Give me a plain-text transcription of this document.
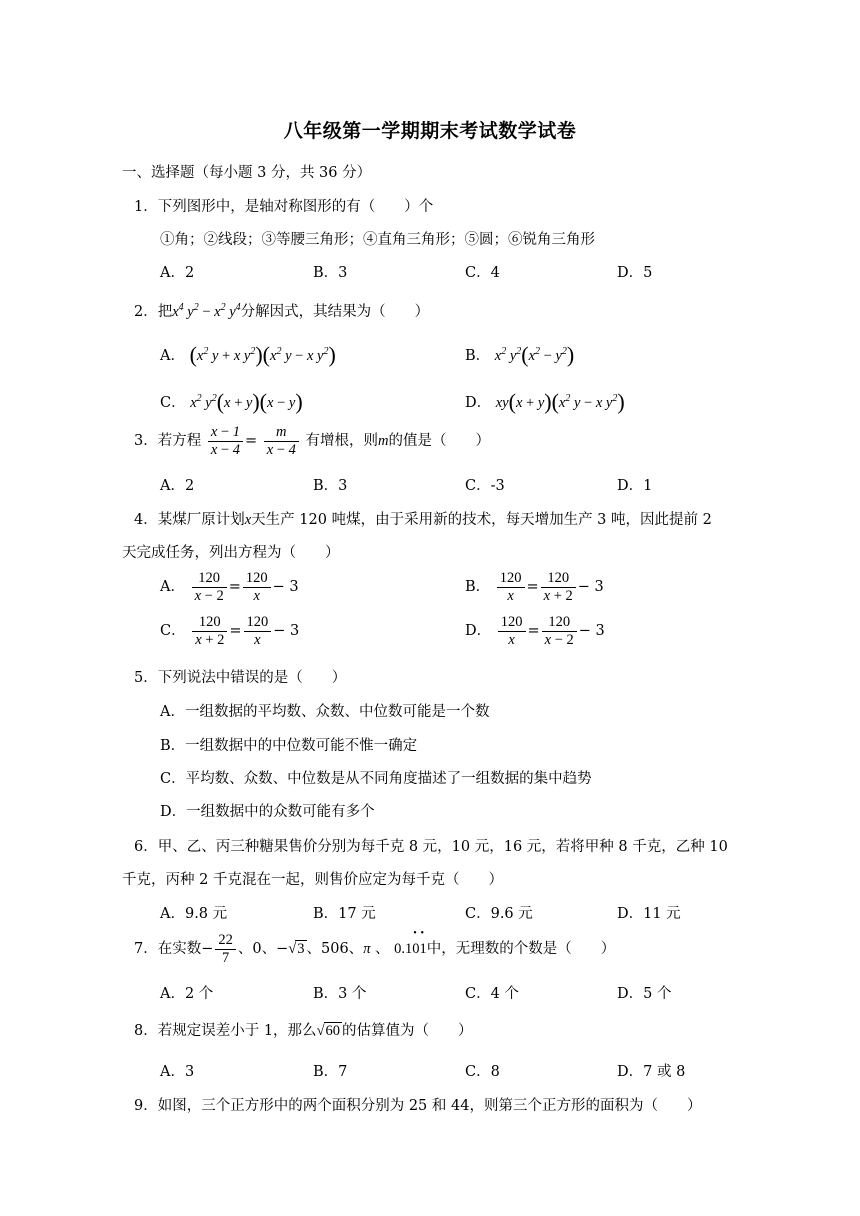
八年级第一学期期末考试数学试卷
一、选择题（每小题 3 分，共 36 分）
1．下列图形中，是轴对称图形的有（　　）个
①角；②线段；③等腰三角形；④直角三角形；⑤圆；⑥锐角三角形
A．2	B．3	C．4	D．5
2．把$x^4$ $y^2 - x^2$ $y^4$分解因式，其结果为（　　）
A． ($x^2$ y + x $y^2)(x^2$ y − x $y^2$)	B． $x^2$ $y^2(x^2 - y^2)$
C． $x^2$ $y^2(x + y)(x - y)$	D． $xy(x + y)(x^2$ y − x $y^2$)
3．若方程 $\frac{x - 1}{x - 4} = \frac{m}{x - 4}$ 有增根，则m的值是（　　）
A．2	B．3	C．-3	D．1
4．某煤厂原计划x天生产 120 吨煤，由于采用新的技术，每天增加生产 3 吨，因此提前 2
天完成任务，列出方程为（　　）
A． $\frac{120}{x - 2} = \frac{120}{x} - 3$	B． $\frac{120}{x} = \frac{120}{x + 2} - 3$
C． $\frac{120}{x + 2} = \frac{120}{x} - 3$	D． $\frac{120}{x} = \frac{120}{x - 2} - 3$
5．下列说法中错误的是（　　）
A．一组数据的平均数、众数、中位数可能是一个数
B．一组数据中的中位数可能不惟一确定
C．平均数、众数、中位数是从不同角度描述了一组数据的集中趋势
D．一组数据中的众数可能有多个
6．甲、乙、丙三种糖果售价分别为每千克 8 元，10 元，16 元，若将甲种 8 千克，乙种 10
千克，丙种 2 千克混在一起，则售价应定为每千克（　　）
A．9.8 元	B．17 元	C．9.6 元	D．11 元
7．在实数− $\frac{22}{7}$ 、0、−√3 、506、π 、 0.10 •1 •中，无理数的个数是（　　）
A．2 个	B．3 个	C．4 个	D．5 个
8．若规定误差小于 1，那么√60 的估算值为（　　）
A．3	B．7	C．8	D．7 或 8
9．如图，三个正方形中的两个面积分别为 25 和 44，则第三个正方形的面积为（　　）
